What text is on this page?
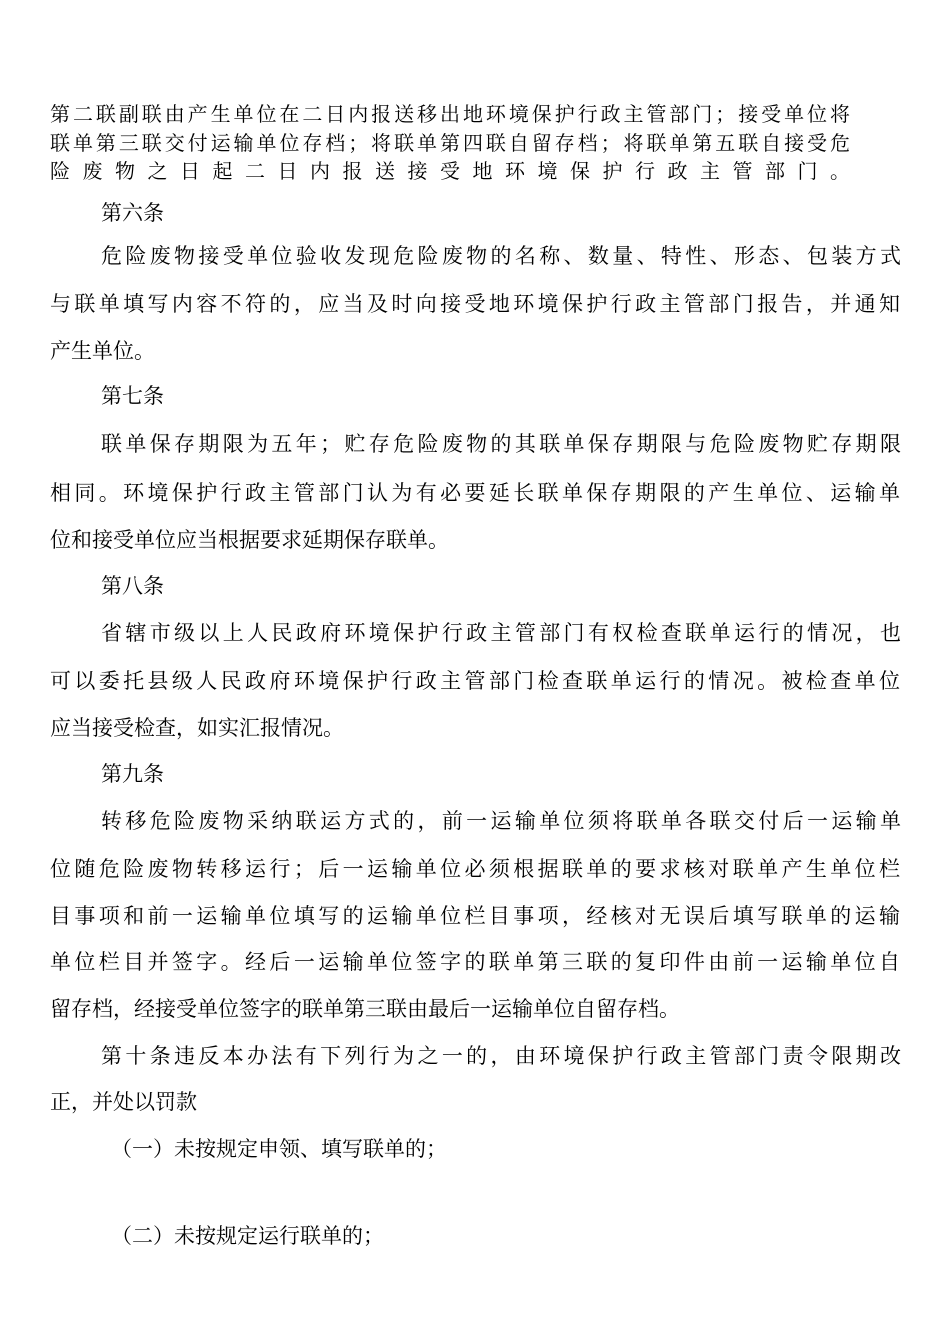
第二联副联由产生单位在二日内报送移出地环境保护行政主管部门；接受单位将
联单第三联交付运输单位存档；将联单第四联自留存档；将联单第五联自接受危
险废物之日起二日内报送接受地环境保护行政主管部门。
第六条
危险废物接受单位验收发现危险废物的名称、数量、特性、形态、包装方式
与联单填写内容不符的，应当及时向接受地环境保护行政主管部门报告，并通知
产生单位。
第七条
联单保存期限为五年；贮存危险废物的其联单保存期限与危险废物贮存期限
相同。环境保护行政主管部门认为有必要延长联单保存期限的产生单位、运输单
位和接受单位应当根据要求延期保存联单。
第八条
省辖市级以上人民政府环境保护行政主管部门有权检查联单运行的情况，也
可以委托县级人民政府环境保护行政主管部门检查联单运行的情况。被检查单位
应当接受检查，如实汇报情况。
第九条
转移危险废物采纳联运方式的，前一运输单位须将联单各联交付后一运输单
位随危险废物转移运行；后一运输单位必须根据联单的要求核对联单产生单位栏
目事项和前一运输单位填写的运输单位栏目事项，经核对无误后填写联单的运输
单位栏目并签字。经后一运输单位签字的联单第三联的复印件由前一运输单位自
留存档，经接受单位签字的联单第三联由最后一运输单位自留存档。
第十条违反本办法有下列行为之一的，由环境保护行政主管部门责令限期改
正，并处以罚款
（一）未按规定申领、填写联单的；
（二）未按规定运行联单的；
